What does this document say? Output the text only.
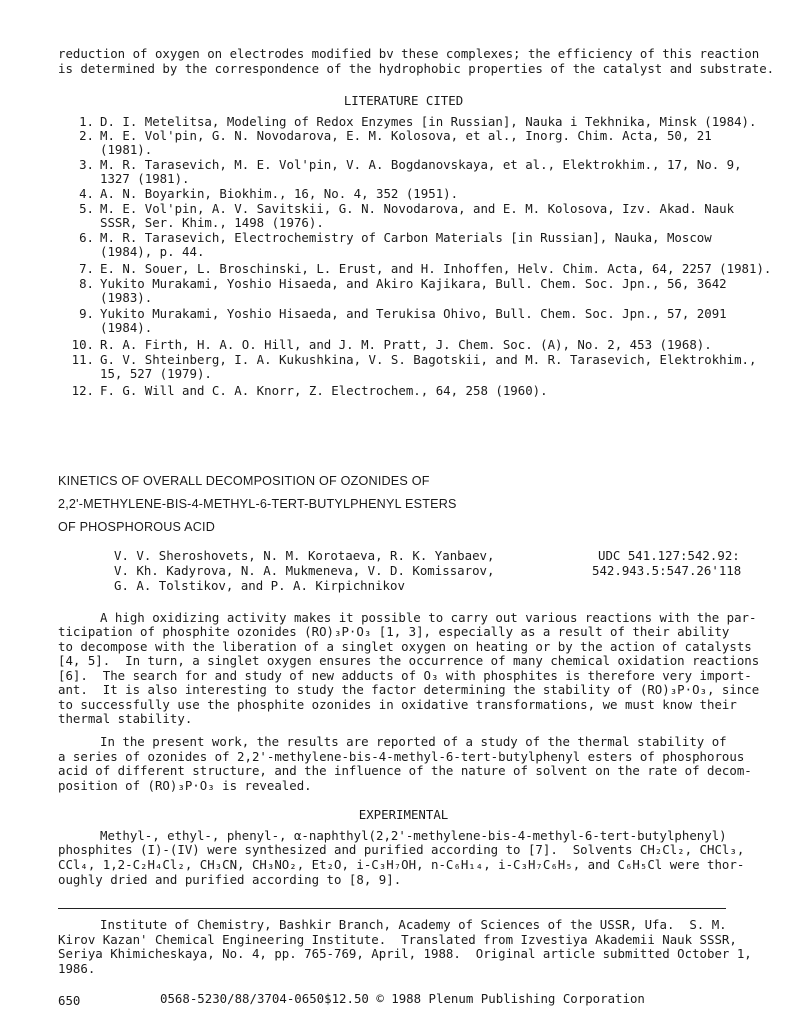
reduction of oxygen on electrodes modified bv these complexes; the efficiency of this reaction
is determined by the correspondence of the hydrophobic properties of the catalyst and substrate.
LITERATURE CITED
1. D. I. Metelitsa, Modeling of Redox Enzymes [in Russian], Nauka i Tekhnika, Minsk (1984).
2. M. E. Vol'pin, G. N. Novodarova, E. M. Kolosova, et al., Inorg. Chim. Acta, 50, 21
(1981).
3. M. R. Tarasevich, M. E. Vol'pin, V. A. Bogdanovskaya, et al., Elektrokhim., 17, No. 9,
1327 (1981).
4. A. N. Boyarkin, Biokhim., 16, No. 4, 352 (1951).
5. M. E. Vol'pin, A. V. Savitskii, G. N. Novodarova, and E. M. Kolosova, Izv. Akad. Nauk
SSSR, Ser. Khim., 1498 (1976).
6. M. R. Tarasevich, Electrochemistry of Carbon Materials [in Russian], Nauka, Moscow
(1984), p. 44.
7. E. N. Souer, L. Broschinski, L. Erust, and H. Inhoffen, Helv. Chim. Acta, 64, 2257 (1981).
8. Yukito Murakami, Yoshio Hisaeda, and Akiro Kajikara, Bull. Chem. Soc. Jpn., 56, 3642
(1983).
9. Yukito Murakami, Yoshio Hisaeda, and Terukisa Ohivo, Bull. Chem. Soc. Jpn., 57, 2091
(1984).
10. R. A. Firth, H. A. O. Hill, and J. M. Pratt, J. Chem. Soc. (A), No. 2, 453 (1968).
11. G. V. Shteinberg, I. A. Kukushkina, V. S. Bagotskii, and M. R. Tarasevich, Elektrokhim.,
15, 527 (1979).
12. F. G. Will and C. A. Knorr, Z. Electrochem., 64, 258 (1960).
KINETICS OF OVERALL DECOMPOSITION OF OZONIDES OF
2,2'-METHYLENE-BIS-4-METHYL-6-TERT-BUTYLPHENYL ESTERS
OF PHOSPHOROUS ACID
V. V. Sheroshovets, N. M. Korotaeva, R. K. Yanbaev,
V. Kh. Kadyrova, N. A. Mukmeneva, V. D. Komissarov,
G. A. Tolstikov, and P. A. Kirpichnikov
UDC 541.127:542.92:
542.943.5:547.26'118
A high oxidizing activity makes it possible to carry out various reactions with the par-
ticipation of phosphite ozonides (RO)₃P·O₃ [1, 3], especially as a result of their ability
to decompose with the liberation of a singlet oxygen on heating or by the action of catalysts
[4, 5].  In turn, a singlet oxygen ensures the occurrence of many chemical oxidation reactions
[6].  The search for and study of new adducts of O₃ with phosphites is therefore very import-
ant.  It is also interesting to study the factor determining the stability of (RO)₃P·O₃, since
to successfully use the phosphite ozonides in oxidative transformations, we must know their
thermal stability.
In the present work, the results are reported of a study of the thermal stability of
a series of ozonides of 2,2'-methylene-bis-4-methyl-6-tert-butylphenyl esters of phosphorous
acid of different structure, and the influence of the nature of solvent on the rate of decom-
position of (RO)₃P·O₃ is revealed.
EXPERIMENTAL
Methyl-, ethyl-, phenyl-, α-naphthyl(2,2'-methylene-bis-4-methyl-6-tert-butylphenyl)
phosphites (I)-(IV) were synthesized and purified according to [7].  Solvents CH₂Cl₂, CHCl₃,
CCl₄, 1,2-C₂H₄Cl₂, CH₃CN, CH₃NO₂, Et₂O, i-C₃H₇OH, n-C₆H₁₄, i-C₃H₇C₆H₅, and C₆H₅Cl were thor-
oughly dried and purified according to [8, 9].
Institute of Chemistry, Bashkir Branch, Academy of Sciences of the USSR, Ufa.  S. M.
Kirov Kazan' Chemical Engineering Institute.  Translated from Izvestiya Akademii Nauk SSSR,
Seriya Khimicheskaya, No. 4, pp. 765-769, April, 1988.  Original article submitted October 1,
1986.
650	0568-5230/88/3704-0650$12.50 © 1988 Plenum Publishing Corporation
